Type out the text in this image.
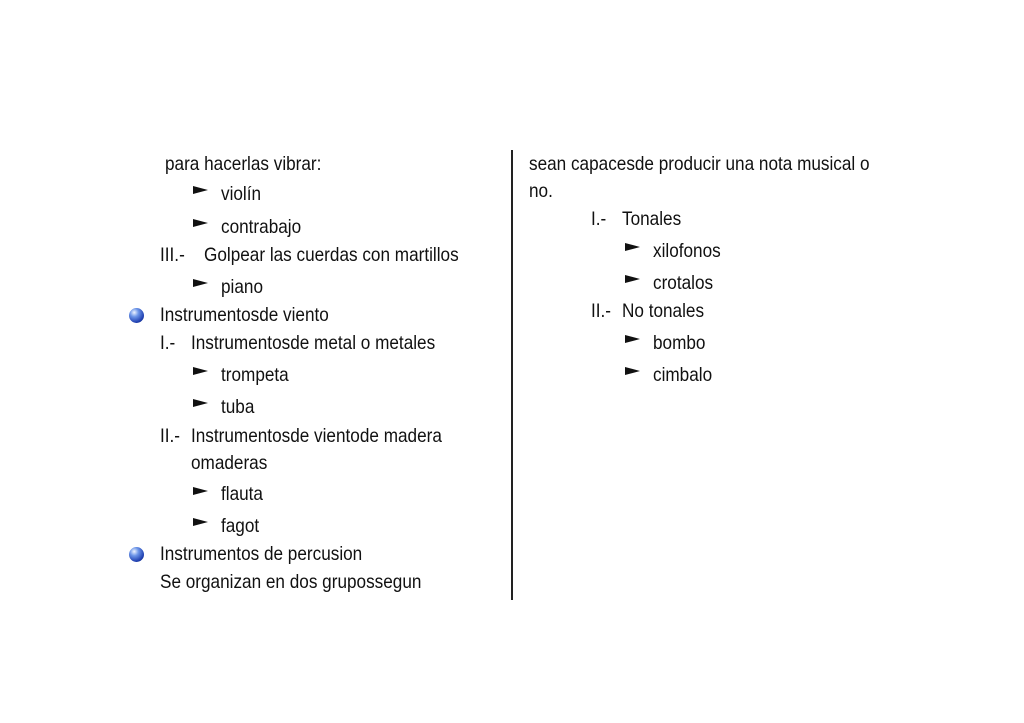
para hacerlas vibrar:
violín
contrabajo
III.- Golpear las cuerdas con martillos
piano
Instrumentosde viento
I.- Instrumentosde metal o metales
trompeta
tuba
II.- Instrumentosde vientode madera
omaderas
flauta
fagot
Instrumentos de percusion
Se organizan en dos grupossegun
sean capacesde producir una nota musical o
no.
I.- Tonales
xilofonos
crotalos
II.- No tonales
bombo
cimbalo
